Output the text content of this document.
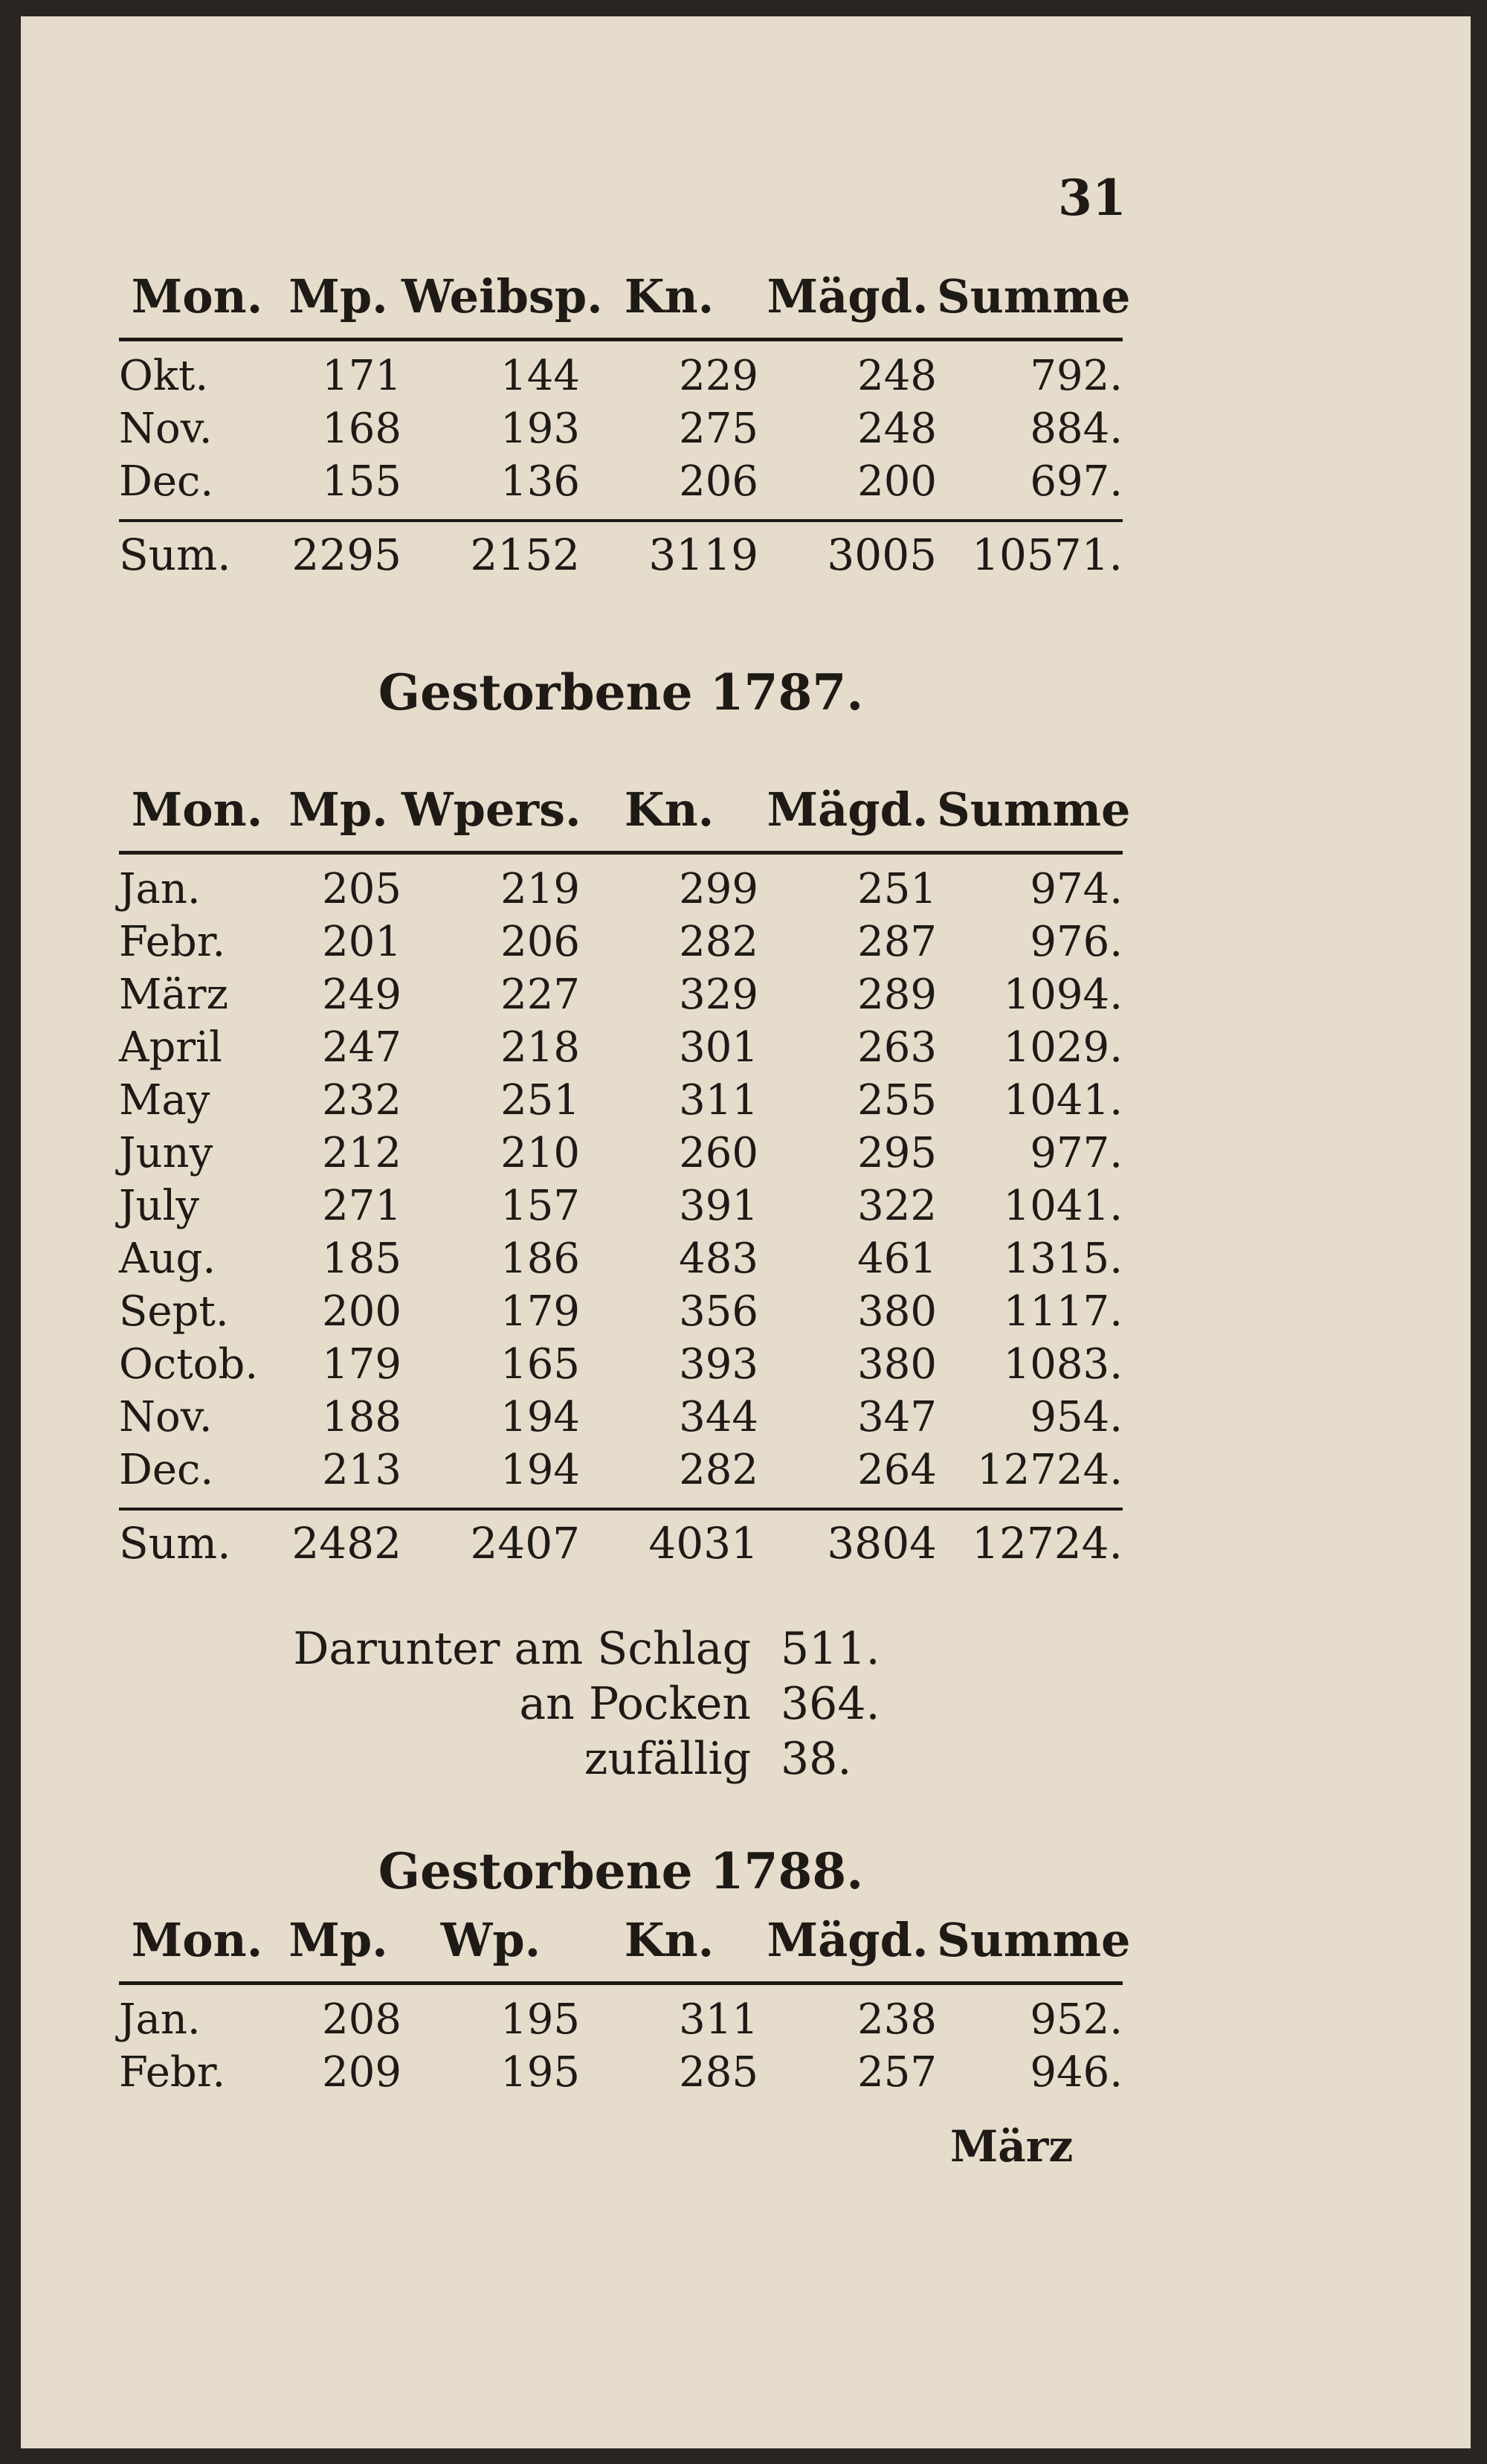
31
Mon. Mp. Weibsp. Kn.	Mägd. Summe
Okt.	171	144	229	248	792.
Nov.	168	193	275	248	884.
Dec.	155	136	206	200	697.
Sum.	2295	2152	3119	3005 10571.
Gestorbene 1787.
Mon. Mp. Wpers. Kn.	Mägd. Summe
Jan.	205	219	299	251	974.
Febr.	201	206	282	287	976.
März	249	227	329	289	1094.
April	247	218	301	263	1029.
May	232	251	311	255	1041.
Juny	212	210	260	295	977.
July	271	157	391	322	1041.
Aug.	185	186	483	461	1315.
Sept.	200	179	356	380	1117.
Octob.	179	165	393	380	1083.
Nov.	188	194	344	347	954.
Dec.	213	194	282	264 12724.
Sum.	2482	2407	4031	3804 12724.
Darunter am Schlag 511.
an Pocken 364.
zufällig 38.
Gestorbene 1788.
Mon. Mp.	Wp.	Kn.	Mägd. Summe
Jan.	208	195	311	238	952.
Febr.	209	195	285	257	946.
März
